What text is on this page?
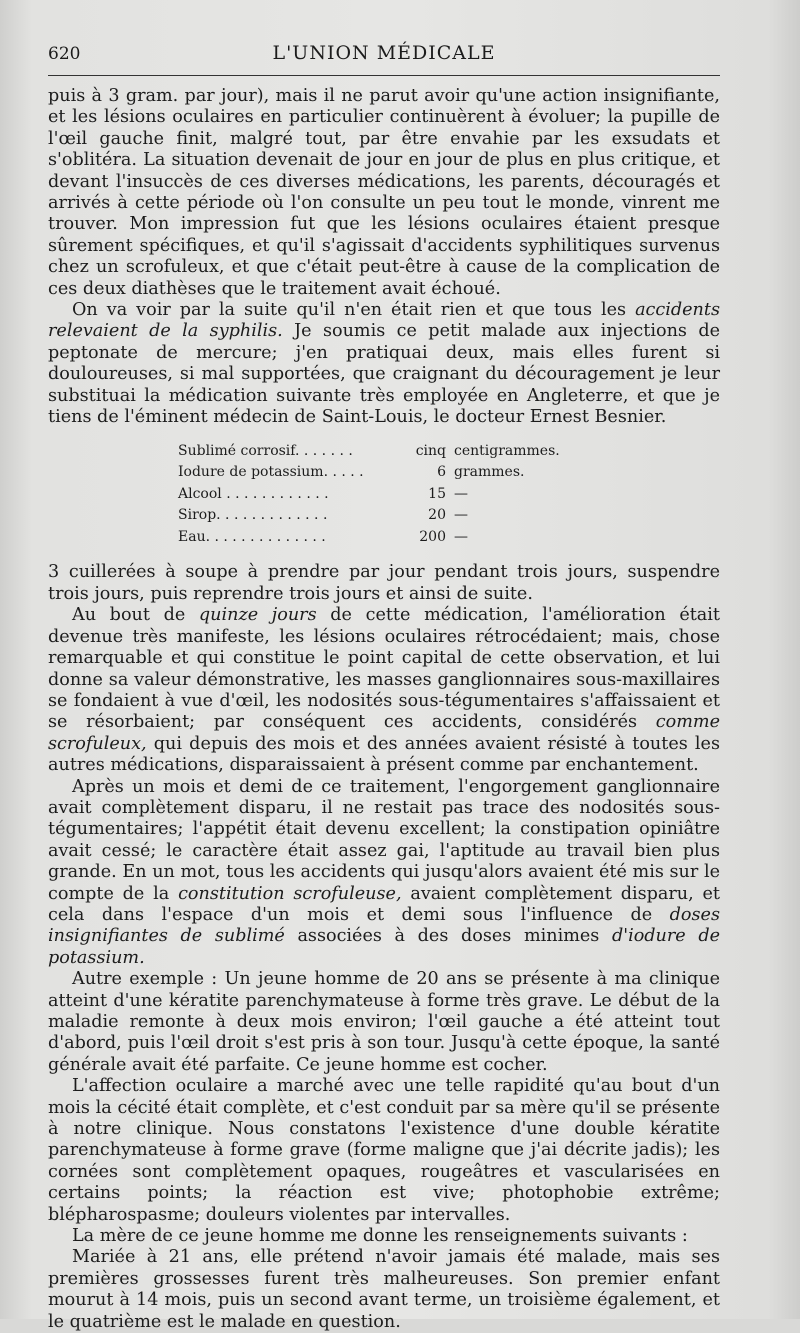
620	L'UNION MÉDICALE

puis à 3 gram. par jour), mais il ne parut avoir qu'une action insignifiante, et les lésions oculaires en particulier continuèrent à évoluer; la pupille de l'œil gauche finit, malgré tout, par être envahie par les exsudats et s'oblitéra. La situation devenait de jour en jour de plus en plus critique, et devant l'insuccès de ces diverses médications, les parents, découragés et arrivés à cette période où l'on consulte un peu tout le monde, vinrent me trouver. Mon impression fut que les lésions oculaires étaient presque sûrement spécifiques, et qu'il s'agissait d'accidents syphilitiques survenus chez un scrofuleux, et que c'était peut-être à cause de la complication de ces deux diathèses que le traitement avait échoué.

On va voir par la suite qu'il n'en était rien et que tous les accidents relevaient de la syphilis. Je soumis ce petit malade aux injections de peptonate de mercure; j'en pratiquai deux, mais elles furent si douloureuses, si mal supportées, que craignant du découragement je leur substituai la médication suivante très employée en Angleterre, et que je tiens de l'éminent médecin de Saint-Louis, le docteur Ernest Besnier.

Sublimé corrosif. . . . . . .		cinq	centigrammes.
Iodure de potassium. . . . .		6	grammes.
Alcool . . . . . . . . . . . .		15	—
Sirop. . . . . . . . . . . . .		20	—
Eau. . . . . . . . . . . . . .		200	—

3 cuillerées à soupe à prendre par jour pendant trois jours, suspendre trois jours, puis reprendre trois jours et ainsi de suite.

Au bout de quinze jours de cette médication, l'amélioration était devenue très manifeste, les lésions oculaires rétrocédaient; mais, chose remarquable et qui constitue le point capital de cette observation, et lui donne sa valeur démonstrative, les masses ganglionnaires sous-maxillaires se fondaient à vue d'œil, les nodosités sous-tégumentaires s'affaissaient et se résorbaient; par conséquent ces accidents, considérés comme scrofuleux, qui depuis des mois et des années avaient résisté à toutes les autres médications, disparaissaient à présent comme par enchantement.

Après un mois et demi de ce traitement, l'engorgement ganglionnaire avait complètement disparu, il ne restait pas trace des nodosités sous-tégumentaires; l'appétit était devenu excellent; la constipation opiniâtre avait cessé; le caractère était assez gai, l'aptitude au travail bien plus grande. En un mot, tous les accidents qui jusqu'alors avaient été mis sur le compte de la constitution scrofuleuse, avaient complètement disparu, et cela dans l'espace d'un mois et demi sous l'influence de doses insignifiantes de sublimé associées à des doses minimes d'iodure de potassium.

Autre exemple : Un jeune homme de 20 ans se présente à ma clinique atteint d'une kératite parenchymateuse à forme très grave. Le début de la maladie remonte à deux mois environ; l'œil gauche a été atteint tout d'abord, puis l'œil droit s'est pris à son tour. Jusqu'à cette époque, la santé générale avait été parfaite. Ce jeune homme est cocher.

L'affection oculaire a marché avec une telle rapidité qu'au bout d'un mois la cécité était complète, et c'est conduit par sa mère qu'il se présente à notre clinique. Nous constatons l'existence d'une double kératite parenchymateuse à forme grave (forme maligne que j'ai décrite jadis); les cornées sont complètement opaques, rougeâtres et vascularisées en certains points; la réaction est vive; photophobie extrême; blépharospasme; douleurs violentes par intervalles.

La mère de ce jeune homme me donne les renseignements suivants :

Mariée à 21 ans, elle prétend n'avoir jamais été malade, mais ses premières grossesses furent très malheureuses. Son premier enfant mourut à 14 mois, puis un second avant terme, un troisième également, et le quatrième est le malade en question.
